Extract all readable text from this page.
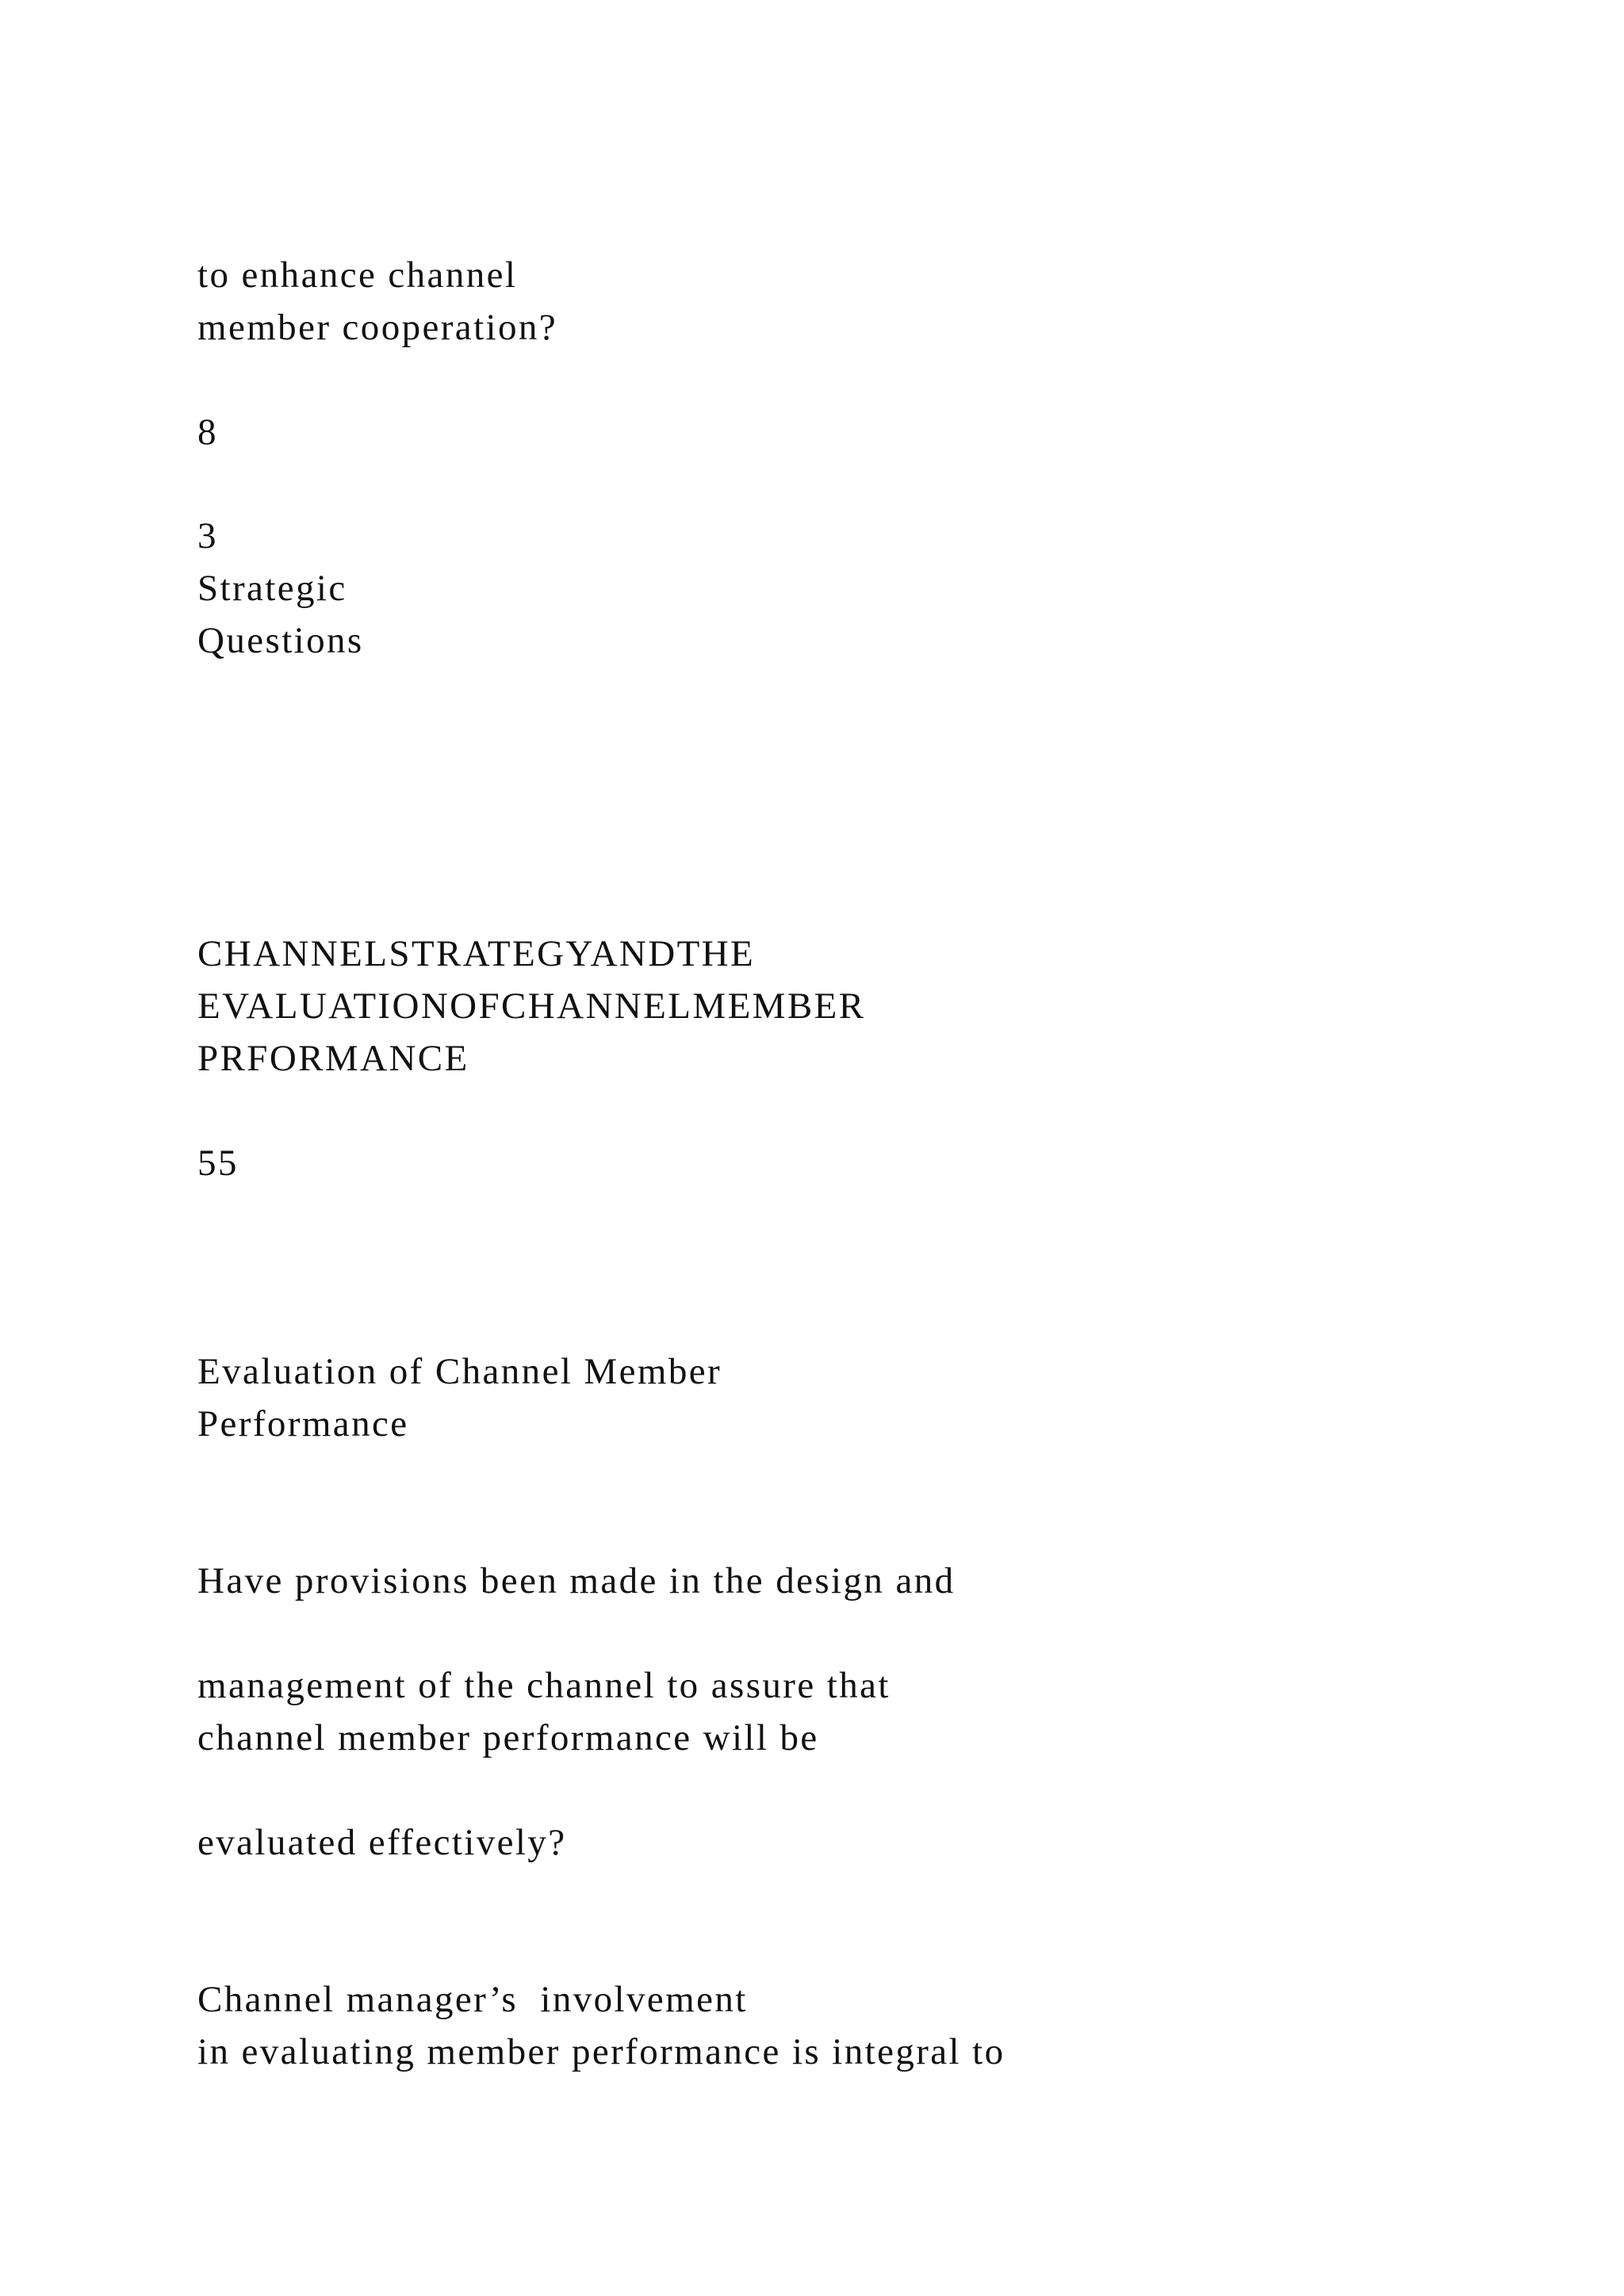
to enhance channel
member cooperation?
8
3
Strategic
Questions
CHANNELSTRATEGYANDTHE
EVALUATIONOFCHANNELMEMBER
PRFORMANCE
55
Evaluation of Channel Member
Performance
Have provisions been made in the design and
management of the channel to assure that
channel member performance will be
evaluated effectively?
Channel manager’s  involvement
in evaluating member performance is integral to
